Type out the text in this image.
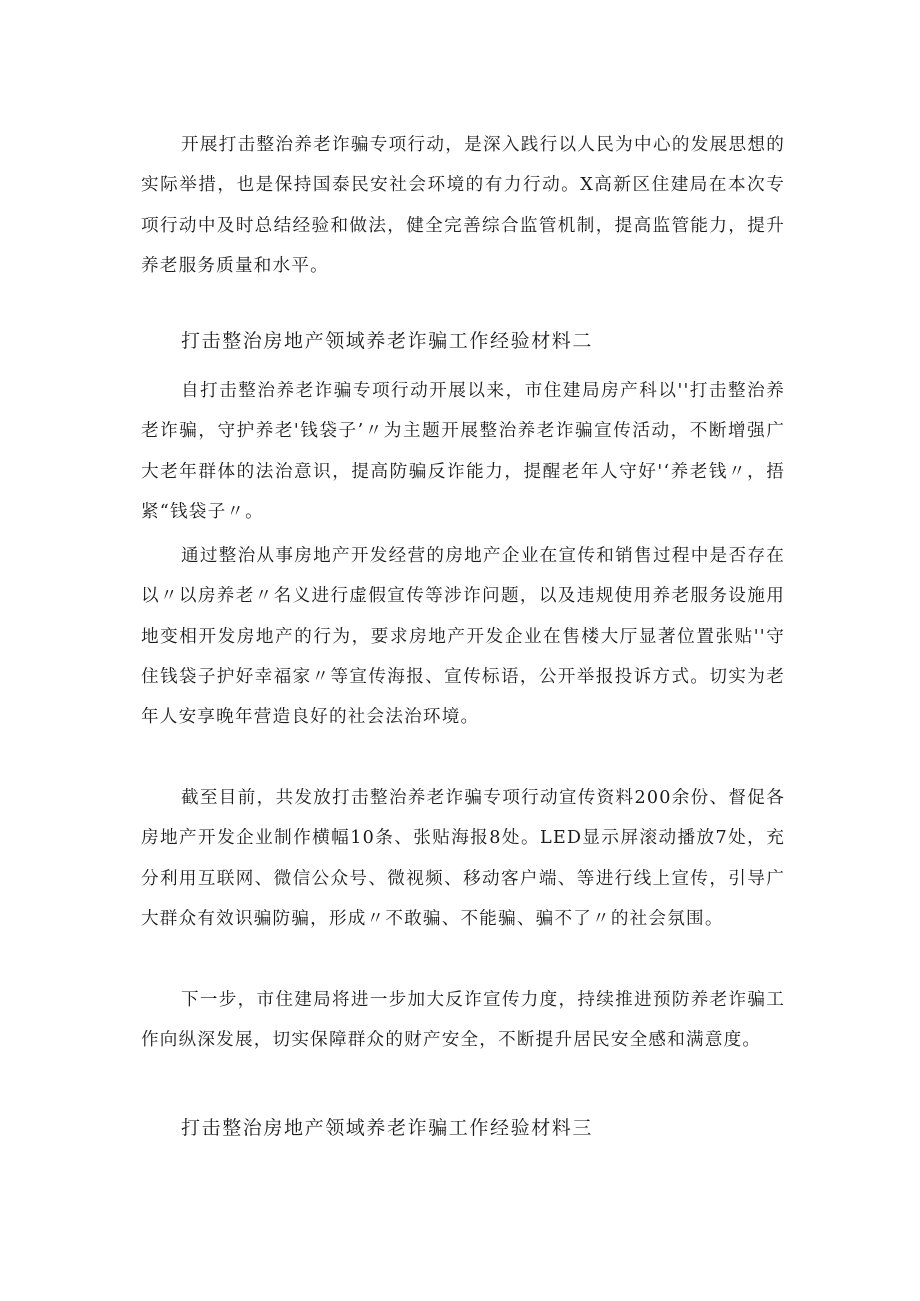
开展打击整治养老诈骗专项行动，是深入践行以人民为中心的发展思想的实际举措，也是保持国泰民安社会环境的有力行动。X高新区住建局在本次专项行动中及时总结经验和做法，健全完善综合监管机制，提高监管能力，提升养老服务质量和水平。

打击整治房地产领域养老诈骗工作经验材料二

自打击整治养老诈骗专项行动开展以来，市住建局房产科以''打击整治养老诈骗，守护养老'钱袋子’〃为主题开展整治养老诈骗宣传活动，不断增强广大老年群体的法治意识，提高防骗反诈能力，提醒老年人守好'‘养老钱〃，捂紧“钱袋子〃。

通过整治从事房地产开发经营的房地产企业在宣传和销售过程中是否存在以〃以房养老〃名义进行虚假宣传等涉诈问题，以及违规使用养老服务设施用地变相开发房地产的行为，要求房地产开发企业在售楼大厅显著位置张贴''守住钱袋子护好幸福家〃等宣传海报、宣传标语，公开举报投诉方式。切实为老年人安享晚年营造良好的社会法治环境。

截至目前，共发放打击整治养老诈骗专项行动宣传资料200余份、督促各房地产开发企业制作横幅10条、张贴海报8处。LED显示屏滚动播放7处，充分利用互联网、微信公众号、微视频、移动客户端、等进行线上宣传，引导广大群众有效识骗防骗，形成〃不敢骗、不能骗、骗不了〃的社会氛围。

下一步，市住建局将进一步加大反诈宣传力度，持续推进预防养老诈骗工作向纵深发展，切实保障群众的财产安全，不断提升居民安全感和满意度。

打击整治房地产领域养老诈骗工作经验材料三
